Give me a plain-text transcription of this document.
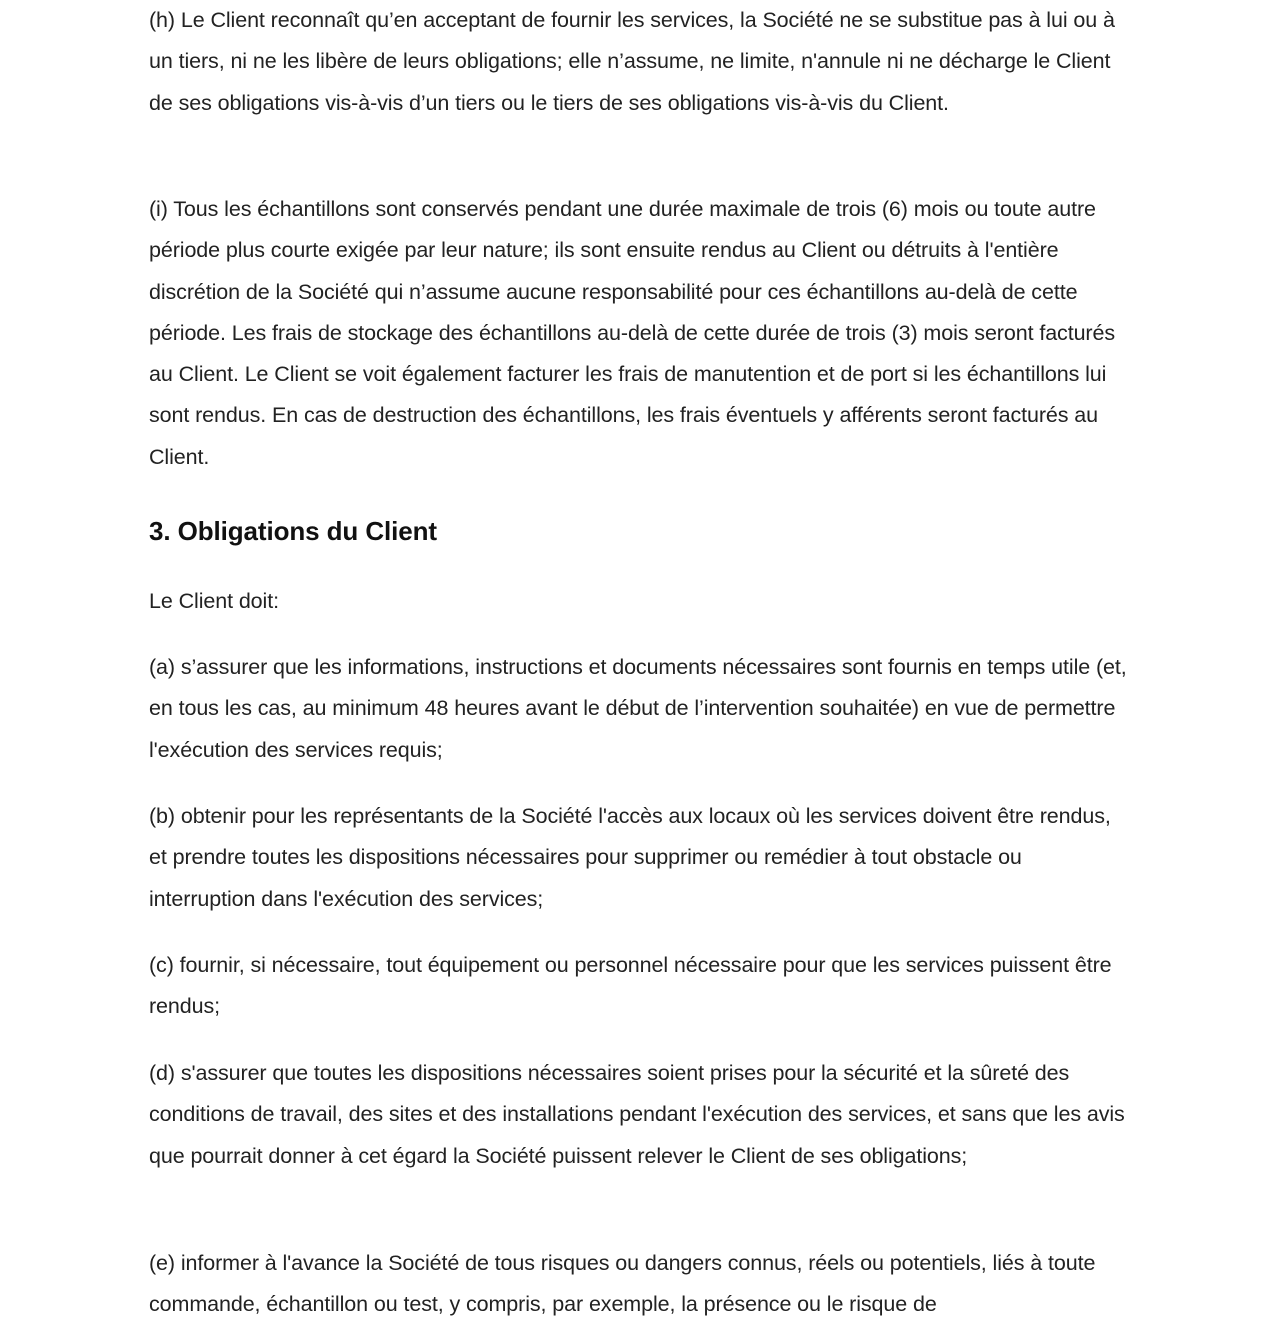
(h) Le Client reconnaît qu’en acceptant de fournir les services, la Société ne se substitue pas à lui ou à un tiers, ni ne les libère de leurs obligations; elle n’assume, ne limite, n'annule ni ne décharge le Client de ses obligations vis-à-vis d’un tiers ou le tiers de ses obligations vis-à-vis du Client.

(i) Tous les échantillons sont conservés pendant une durée maximale de trois (6) mois ou toute autre période plus courte exigée par leur nature; ils sont ensuite rendus au Client ou détruits à l'entière discrétion de la Société qui n’assume aucune responsabilité pour ces échantillons au-delà de cette période. Les frais de stockage des échantillons au-delà de cette durée de trois (3) mois seront facturés au Client. Le Client se voit également facturer les frais de manutention et de port si les échantillons lui sont rendus. En cas de destruction des échantillons, les frais éventuels y afférents seront facturés au Client.

3. Obligations du Client

Le Client doit:

(a) s’assurer que les informations, instructions et documents nécessaires sont fournis en temps utile (et, en tous les cas, au minimum 48 heures avant le début de l’intervention souhaitée) en vue de permettre l'exécution des services requis;

(b) obtenir pour les représentants de la Société l'accès aux locaux où les services doivent être rendus, et prendre toutes les dispositions nécessaires pour supprimer ou remédier à tout obstacle ou interruption dans l'exécution des services;

(c) fournir, si nécessaire, tout équipement ou personnel nécessaire pour que les services puissent être rendus;

(d) s'assurer que toutes les dispositions nécessaires soient prises pour la sécurité et la sûreté des conditions de travail, des sites et des installations pendant l'exécution des services, et sans que les avis que pourrait donner à cet égard la Société puissent relever le Client de ses obligations;

(e) informer à l'avance la Société de tous risques ou dangers connus, réels ou potentiels, liés à toute commande, échantillon ou test, y compris, par exemple, la présence ou le risque de
